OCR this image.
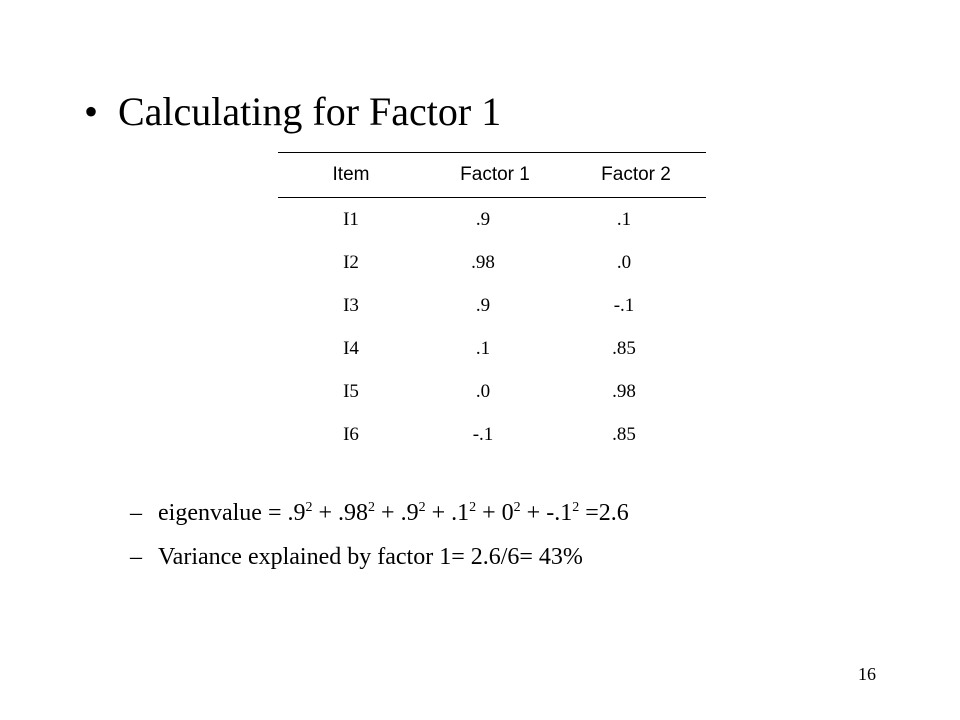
• Calculating for Factor 1
Item	Factor 1	Factor 2
I1	.9	.1
I2	.98	.0
I3	.9	-.1
I4	.1	.85
I5	.0	.98
I6	-.1	.85
– eigenvalue = $.9^2 + .98^2 + .9^2 + .1^2 + 0^2 + -.1^2 =2.6$
– Variance explained by factor 1= 2.6/6= 43%
16
